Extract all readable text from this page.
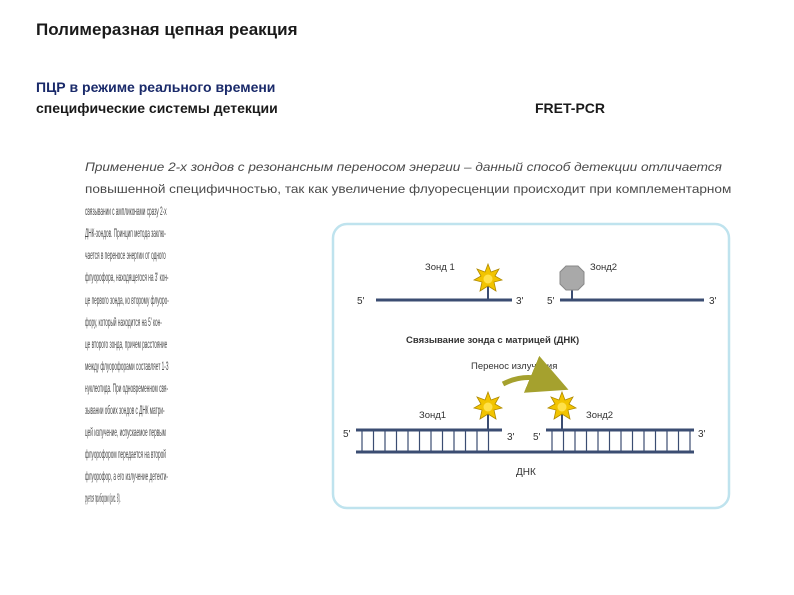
Полимеразная цепная реакция
ПЦР в режиме реального времени
специфические системы детекции	FRET-PCR
Применение 2-х зондов с резонансным переносом энергии – данный способ детекции отличается
повышенной специфичностью, так как увеличение флуоресценции происходит при комплементарном
связывании с ампликонами сразу 2-х
ДНК-зондов. Принцип метода заклю-
чается в переносе энергии от одного
флуорофора, находящегося на 3' кон-
це первого зонда, ко второму флуоро-
фору, который находится на 5' кон-
це второго зонда, причем расстояние
между флуорофорами составляет 1-3
нуклеотида. При одновременном свя-
зывании обоих зондов с ДНК матри-
цей излучение, испускаемое первым
флуорофором передается на второй
флуорофор, а его излучение детекти-
руется прибором (рис. 8).
5'	3' 5'	3'
Зонд 1	Зонд2
Связывание зонда с матрицей (ДНК)
Перенос излучения
Зонд1	Зонд2
5'	3' 5'	3'
ДНК
